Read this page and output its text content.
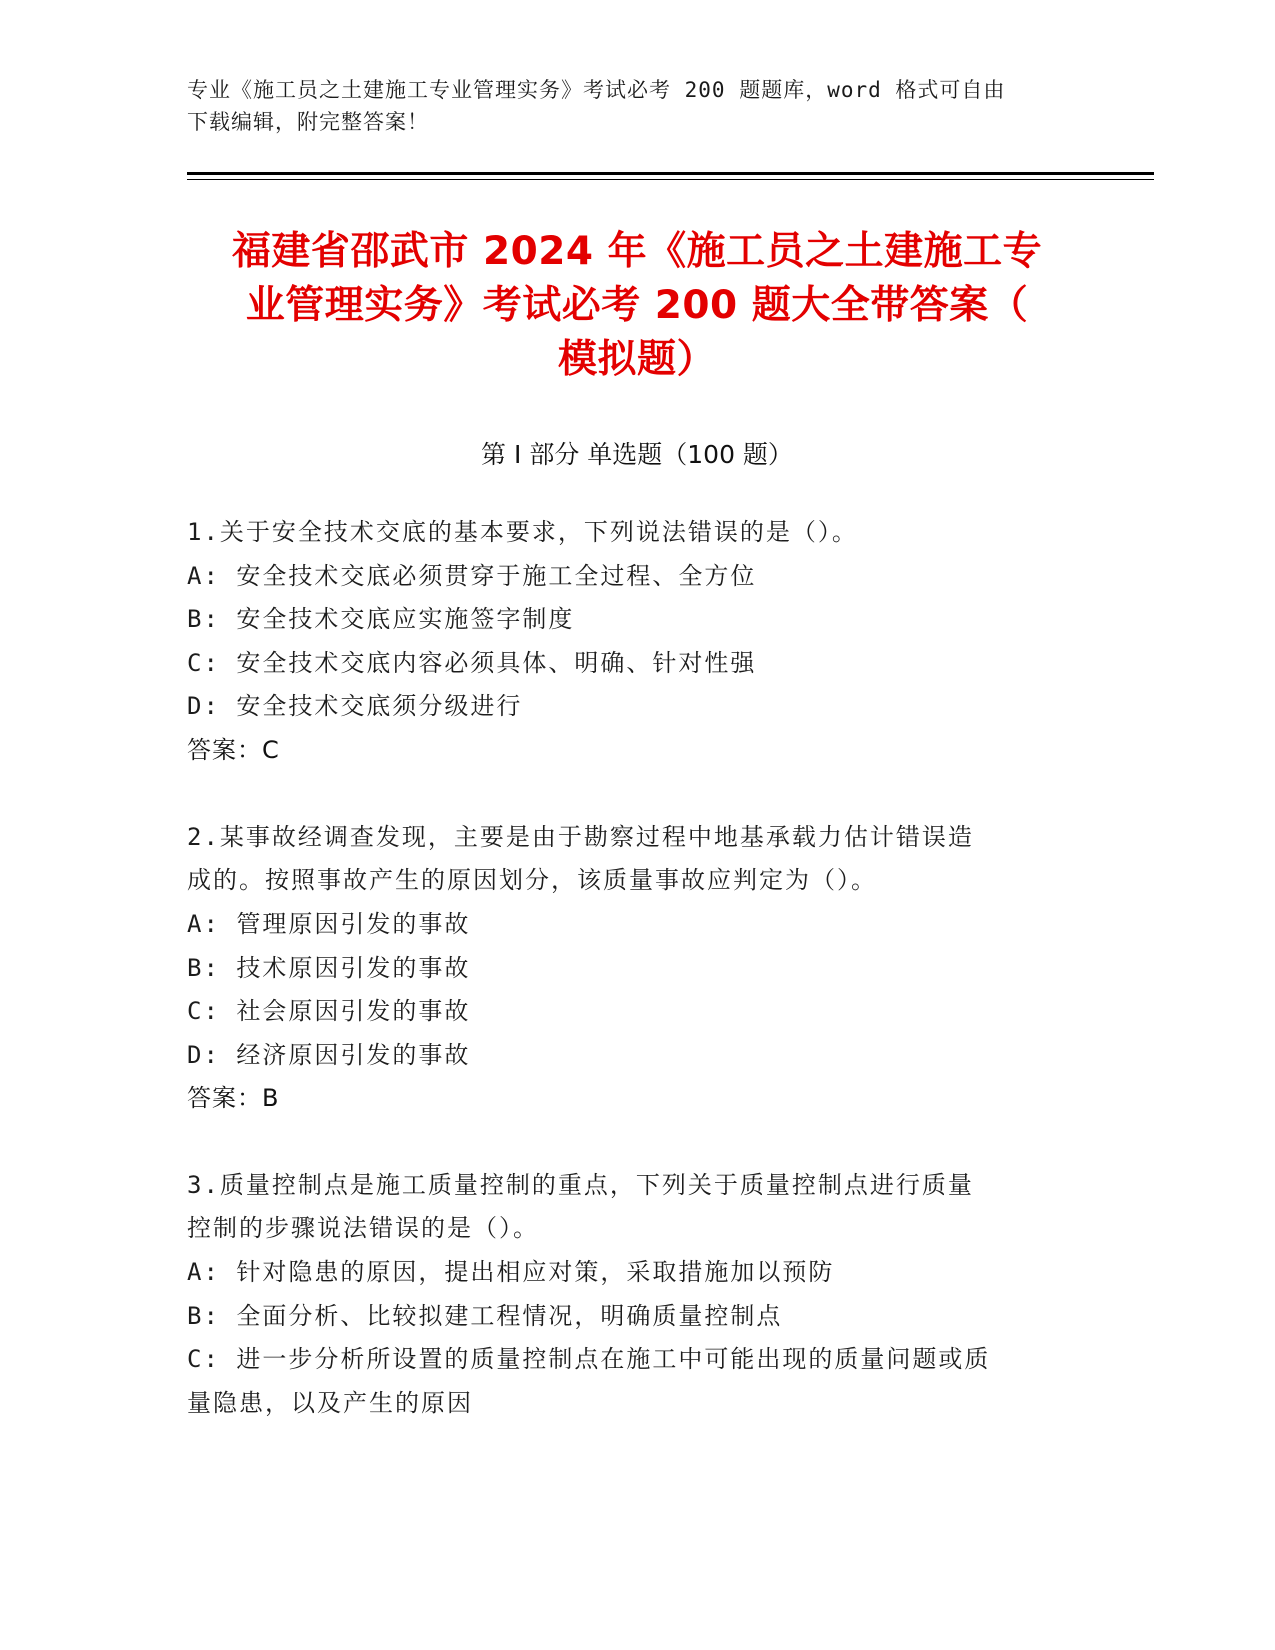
专业《施工员之土建施工专业管理实务》考试必考 200 题题库，word 格式可自由
下载编辑，附完整答案！
福建省邵武市 2024 年《施工员之土建施工专
业管理实务》考试必考 200 题大全带答案（
模拟题）
第 I 部分 单选题（100 题）
1.关于安全技术交底的基本要求，下列说法错误的是（）。
A: 安全技术交底必须贯穿于施工全过程、全方位
B: 安全技术交底应实施签字制度
C: 安全技术交底内容必须具体、明确、针对性强
D: 安全技术交底须分级进行
答案：C
2.某事故经调查发现，主要是由于勘察过程中地基承载力估计错误造
成的。按照事故产生的原因划分，该质量事故应判定为（）。
A: 管理原因引发的事故
B: 技术原因引发的事故
C: 社会原因引发的事故
D: 经济原因引发的事故
答案：B
3.质量控制点是施工质量控制的重点，下列关于质量控制点进行质量
控制的步骤说法错误的是（）。
A: 针对隐患的原因，提出相应对策，采取措施加以预防
B: 全面分析、比较拟建工程情况，明确质量控制点
C: 进一步分析所设置的质量控制点在施工中可能出现的质量问题或质
量隐患，以及产生的原因
